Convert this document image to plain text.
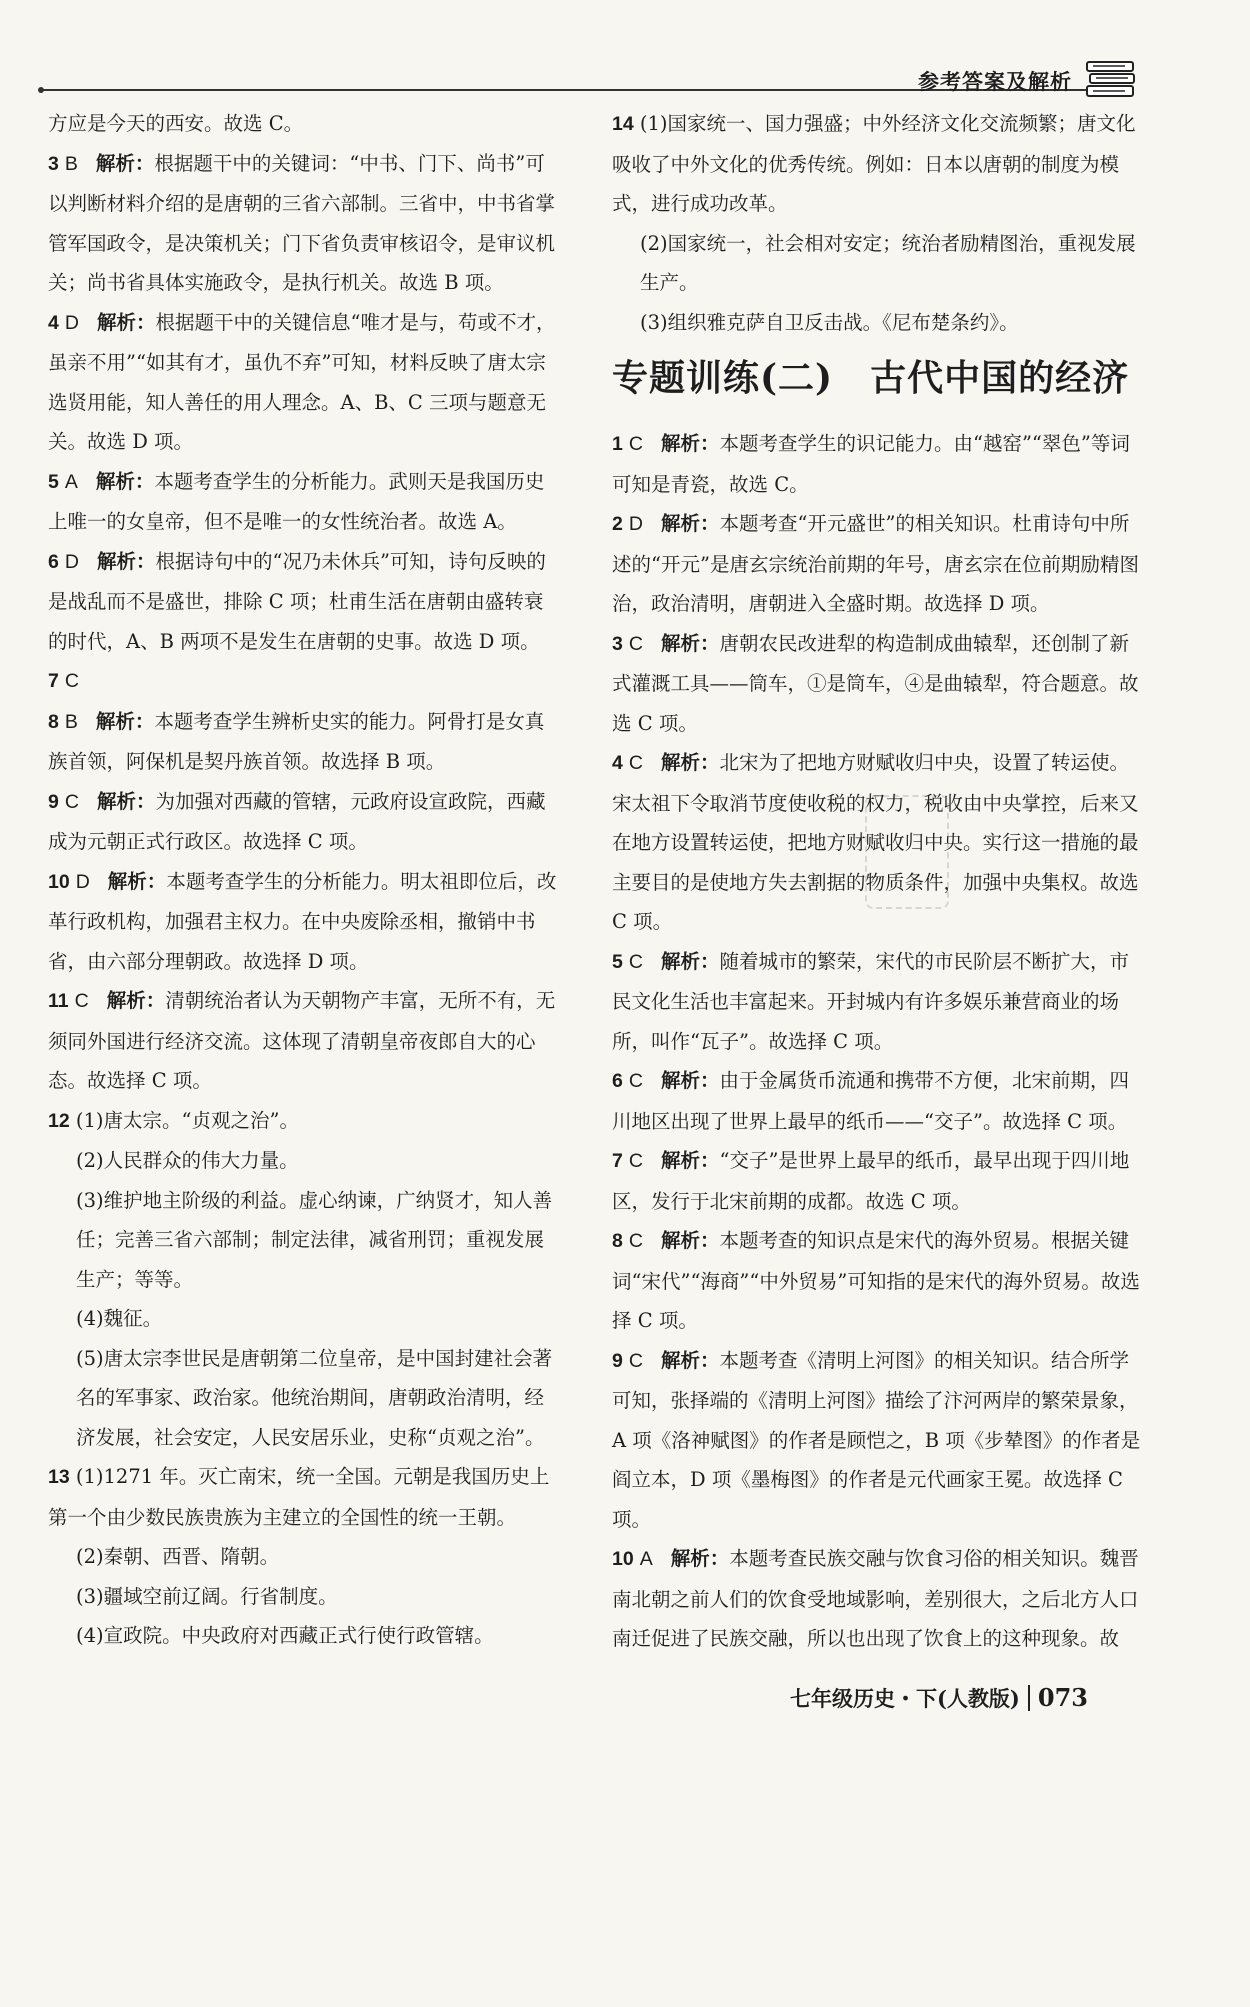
参考答案及解析

方应是今天的西安。故选 C。

3 B 解析：根据题干中的关键词：“中书、门下、尚书”可以判断材料介绍的是唐朝的三省六部制。三省中，中书省掌管军国政令，是决策机关；门下省负责审核诏令，是审议机关；尚书省具体实施政令，是执行机关。故选 B 项。

4 D 解析：根据题干中的关键信息“唯才是与，苟或不才，虽亲不用”“如其有才，虽仇不弃”可知，材料反映了唐太宗选贤用能，知人善任的用人理念。A、B、C 三项与题意无关。故选 D 项。

5 A 解析：本题考查学生的分析能力。武则天是我国历史上唯一的女皇帝，但不是唯一的女性统治者。故选 A。

6 D 解析：根据诗句中的“况乃未休兵”可知，诗句反映的是战乱而不是盛世，排除 C 项；杜甫生活在唐朝由盛转衰的时代，A、B 两项不是发生在唐朝的史事。故选 D 项。

7 C

8 B 解析：本题考查学生辨析史实的能力。阿骨打是女真族首领，阿保机是契丹族首领。故选择 B 项。

9 C 解析：为加强对西藏的管辖，元政府设宣政院，西藏成为元朝正式行政区。故选择 C 项。

10 D 解析：本题考查学生的分析能力。明太祖即位后，改革行政机构，加强君主权力。在中央废除丞相，撤销中书省，由六部分理朝政。故选择 D 项。

11 C 解析：清朝统治者认为天朝物产丰富，无所不有，无须同外国进行经济交流。这体现了清朝皇帝夜郎自大的心态。故选择 C 项。

12 (1)唐太宗。“贞观之治”。

(2)人民群众的伟大力量。

(3)维护地主阶级的利益。虚心纳谏，广纳贤才，知人善任；完善三省六部制；制定法律，减省刑罚；重视发展生产；等等。

(4)魏征。

(5)唐太宗李世民是唐朝第二位皇帝，是中国封建社会著名的军事家、政治家。他统治期间，唐朝政治清明，经济发展，社会安定，人民安居乐业，史称“贞观之治”。

13 (1)1271 年。灭亡南宋，统一全国。元朝是我国历史上第一个由少数民族贵族为主建立的全国性的统一王朝。

(2)秦朝、西晋、隋朝。

(3)疆域空前辽阔。行省制度。

(4)宣政院。中央政府对西藏正式行使行政管辖。

14 (1)国家统一、国力强盛；中外经济文化交流频繁；唐文化吸收了中外文化的优秀传统。例如：日本以唐朝的制度为模式，进行成功改革。

(2)国家统一，社会相对安定；统治者励精图治，重视发展生产。

(3)组织雅克萨自卫反击战。《尼布楚条约》。

专题训练(二)　古代中国的经济

1 C 解析：本题考查学生的识记能力。由“越窑”“翠色”等词可知是青瓷，故选 C。

2 D 解析：本题考查“开元盛世”的相关知识。杜甫诗句中所述的“开元”是唐玄宗统治前期的年号，唐玄宗在位前期励精图治，政治清明，唐朝进入全盛时期。故选择 D 项。

3 C 解析：唐朝农民改进犁的构造制成曲辕犁，还创制了新式灌溉工具——筒车，①是筒车，④是曲辕犁，符合题意。故选 C 项。

4 C 解析：北宋为了把地方财赋收归中央，设置了转运使。宋太祖下令取消节度使收税的权力，税收由中央掌控，后来又在地方设置转运使，把地方财赋收归中央。实行这一措施的最主要目的是使地方失去割据的物质条件，加强中央集权。故选 C 项。

5 C 解析：随着城市的繁荣，宋代的市民阶层不断扩大，市民文化生活也丰富起来。开封城内有许多娱乐兼营商业的场所，叫作“瓦子”。故选择 C 项。

6 C 解析：由于金属货币流通和携带不方便，北宋前期，四川地区出现了世界上最早的纸币——“交子”。故选择 C 项。

7 C 解析：“交子”是世界上最早的纸币，最早出现于四川地区，发行于北宋前期的成都。故选 C 项。

8 C 解析：本题考查的知识点是宋代的海外贸易。根据关键词“宋代”“海商”“中外贸易”可知指的是宋代的海外贸易。故选择 C 项。

9 C 解析：本题考查《清明上河图》的相关知识。结合所学可知，张择端的《清明上河图》描绘了汴河两岸的繁荣景象，A 项《洛神赋图》的作者是顾恺之，B 项《步辇图》的作者是阎立本，D 项《墨梅图》的作者是元代画家王冕。故选择 C 项。

10 A 解析：本题考查民族交融与饮食习俗的相关知识。魏晋南北朝之前人们的饮食受地域影响，差别很大，之后北方人口南迁促进了民族交融，所以也出现了饮食上的这种现象。故

七年级历史・下(人教版) 073
